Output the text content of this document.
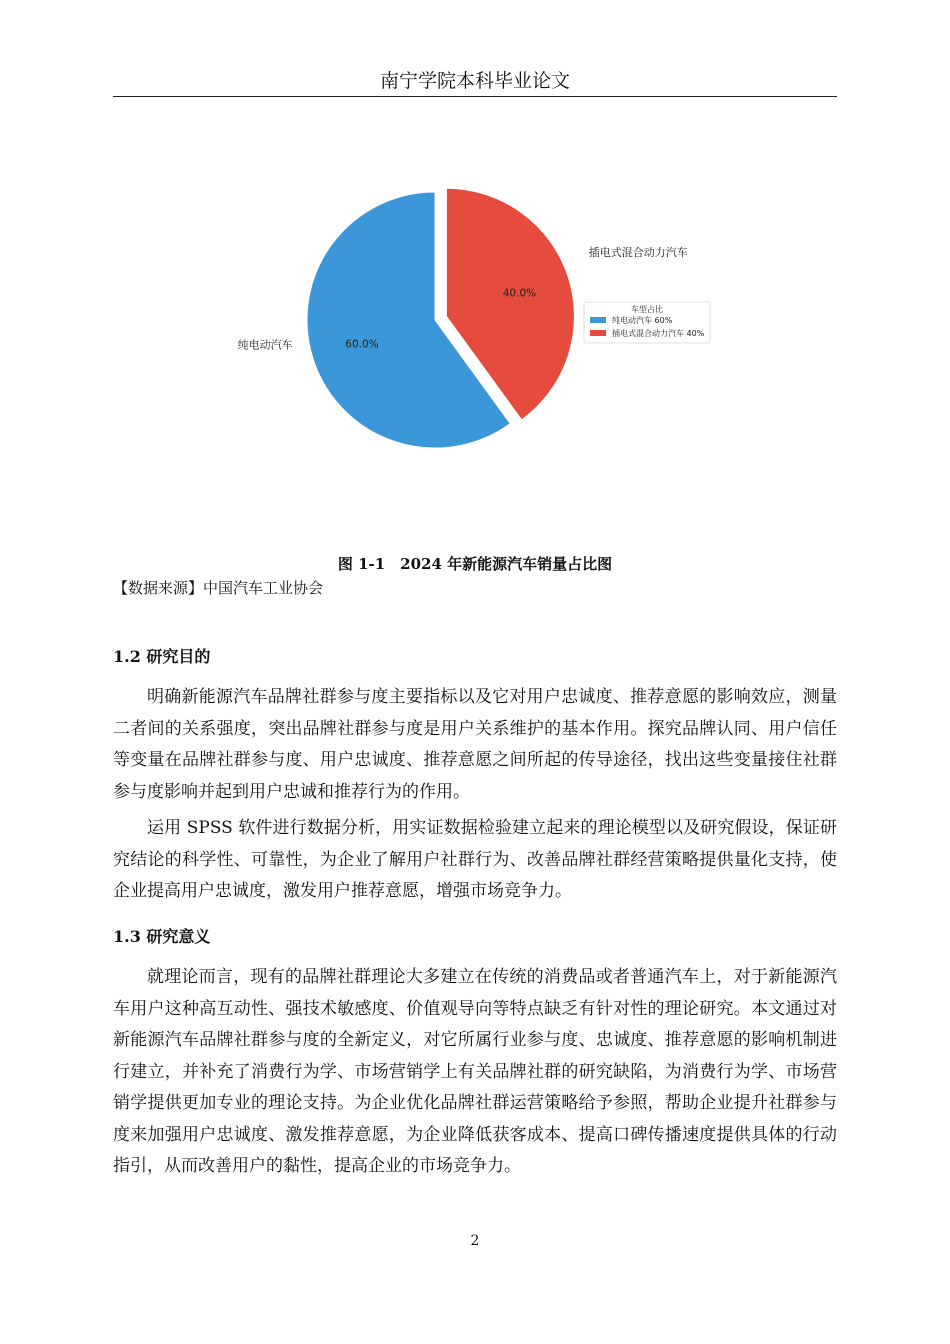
南宁学院本科毕业论文
60.0%
40.0%
纯电动汽车
插电式混合动力汽车
车型占比
纯电动汽车 60%
插电式混合动力汽车 40%
图 1-1　2024 年新能源汽车销量占比图
【数据来源】中国汽车工业协会
1.2 研究目的

明确新能源汽车品牌社群参与度主要指标以及它对用户忠诚度、推荐意愿的影响效应，测量二者间的关系强度，突出品牌社群参与度是用户关系维护的基本作用。探究品牌认同、用户信任等变量在品牌社群参与度、用户忠诚度、推荐意愿之间所起的传导途径，找出这些变量接住社群参与度影响并起到用户忠诚和推荐行为的作用。

运用 SPSS 软件进行数据分析，用实证数据检验建立起来的理论模型以及研究假设，保证研究结论的科学性、可靠性，为企业了解用户社群行为、改善品牌社群经营策略提供量化支持，使企业提高用户忠诚度，激发用户推荐意愿，增强市场竞争力。

1.3 研究意义

就理论而言，现有的品牌社群理论大多建立在传统的消费品或者普通汽车上，对于新能源汽车用户这种高互动性、强技术敏感度、价值观导向等特点缺乏有针对性的理论研究。本文通过对新能源汽车品牌社群参与度的全新定义，对它所属行业参与度、忠诚度、推荐意愿的影响机制进行建立，并补充了消费行为学、市场营销学上有关品牌社群的研究缺陷，为消费行为学、市场营销学提供更加专业的理论支持。为企业优化品牌社群运营策略给予参照，帮助企业提升社群参与度来加强用户忠诚度、激发推荐意愿，为企业降低获客成本、提高口碑传播速度提供具体的行动指引，从而改善用户的黏性，提高企业的市场竞争力。

2
